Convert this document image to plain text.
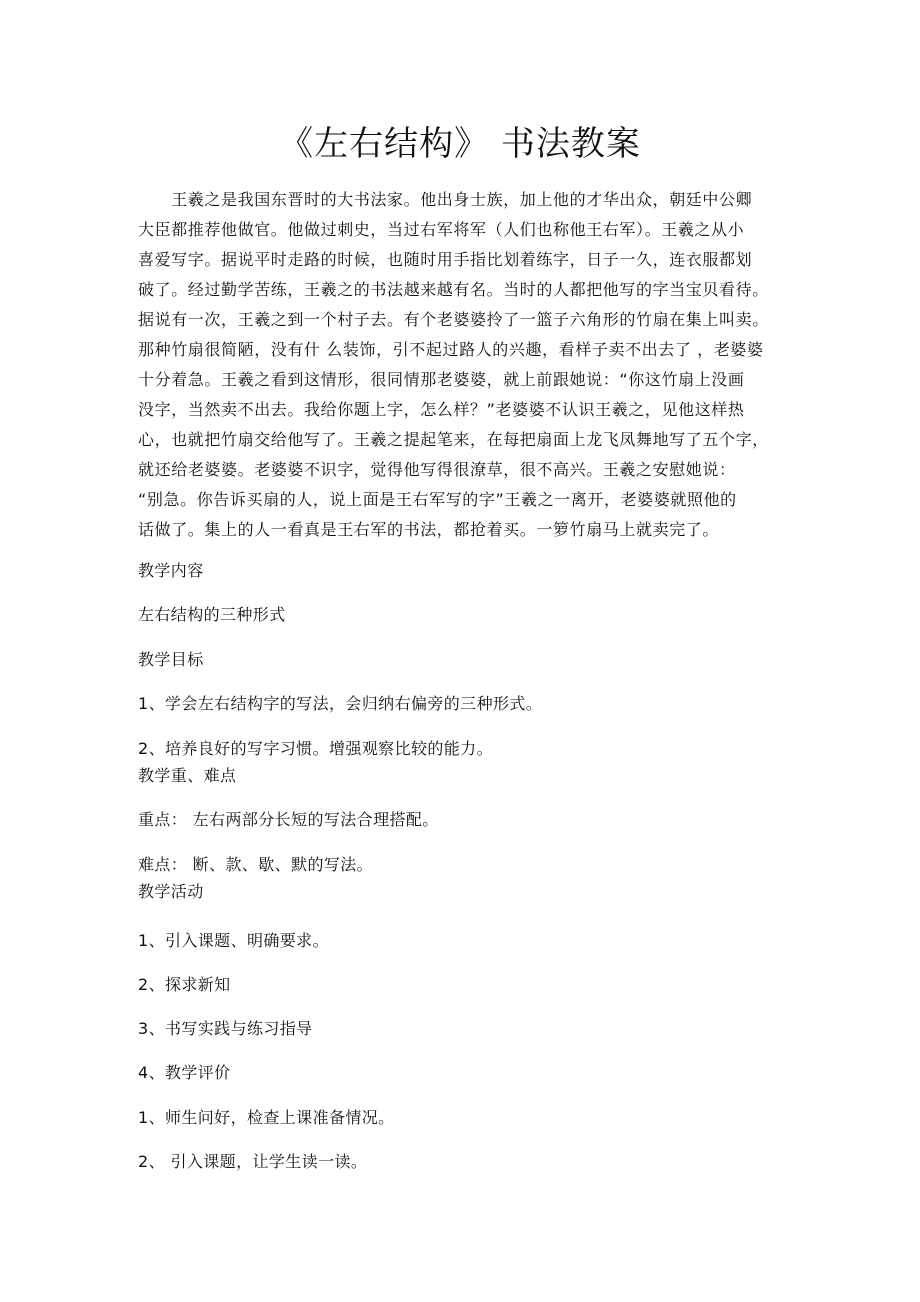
《左右结构》 书法教案
　　王羲之是我国东晋时的大书法家。他出身士族，加上他的才华出众，朝廷中公卿
大臣都推荐他做官。他做过刺史，当过右军将军（人们也称他王右军）。王羲之从小
喜爱写字。据说平时走路的时候，也随时用手指比划着练字，日子一久，连衣服都划
破了。经过勤学苦练，王羲之的书法越来越有名。当时的人都把他写的字当宝贝看待。
据说有一次，王羲之到一个村子去。有个老婆婆拎了一篮子六角形的竹扇在集上叫卖。
那种竹扇很简陋，没有什 么装饰，引不起过路人的兴趣，看样子卖不出去了 ，老婆婆
十分着急。王羲之看到这情形，很同情那老婆婆，就上前跟她说：“你这竹扇上没画
没字，当然卖不出去。我给你题上字，怎么样？”老婆婆不认识王羲之，见他这样热
心，也就把竹扇交给他写了。王羲之提起笔来，在每把扇面上龙飞凤舞地写了五个字，
就还给老婆婆。老婆婆不识字，觉得他写得很潦草，很不高兴。王羲之安慰她说：
“别急。你告诉买扇的人，说上面是王右军写的字”王羲之一离开，老婆婆就照他的
话做了。集上的人一看真是王右军的书法，都抢着买。一箩竹扇马上就卖完了。
教学内容
左右结构的三种形式
教学目标
1、学会左右结构字的写法，会归纳右偏旁的三种形式。
2、培养良好的写字习惯。增强观察比较的能力。
教学重、难点
重点： 左右两部分长短的写法合理搭配。
难点： 断、款、歇、默的写法。
教学活动
1、引入课题、明确要求。
2、探求新知
3、书写实践与练习指导
4、教学评价
1、师生问好，检查上课准备情况。
2、 引入课题，让学生读一读。
